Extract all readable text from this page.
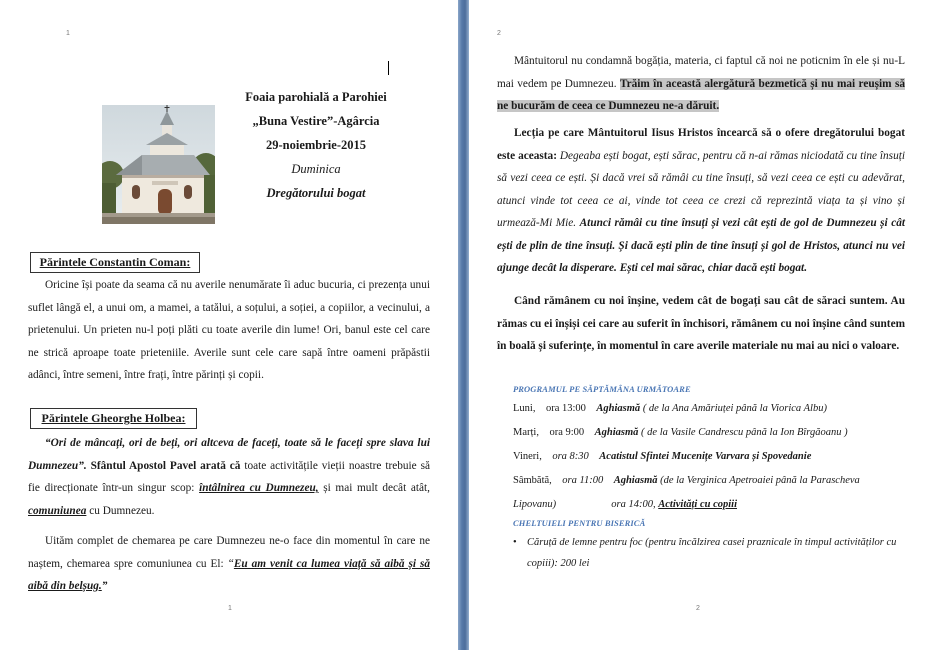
1
Foaia parohială a Parohiei
„Buna Vestire”-Agârcia
29-noiembrie-2015
Duminica
Dregătorului bogat
Părintele Constantin Coman:
Oricine își poate da seama că nu averile nenumărate îi aduc bucuria, ci prezența unui suflet lângă el, a unui om, a mamei, a tatălui, a soțului, a soției, a copiilor, a vecinului, a prietenului. Un prieten nu-l poți plăti cu toate averile din lume! Ori, banul este cel care ne strică aproape toate prieteniile. Averile sunt cele care sapă între oameni prăpăstii adânci, între semeni, între frați, între părinți și copii.
Părintele Gheorghe Holbea:
“Ori de mâncați, ori de beți, ori altceva de faceți, toate să le faceți spre slava lui Dumnezeu”. Sfântul Apostol Pavel arată că toate activitățile vieții noastre trebuie să fie direcționate într-un singur scop: întâlnirea cu Dumnezeu, și mai mult decât atât, comuniunea cu Dumnezeu.
Uităm complet de chemarea pe care Dumnezeu ne-o face din momentul în care ne naștem, chemarea spre comuniunea cu El: “Eu am venit ca lumea viață să aibă și să aibă din belșug.”
1
2
Mântuitorul nu condamnă bogăția, materia, ci faptul că noi ne poticnim în ele și nu-L mai vedem pe Dumnezeu. Trăim în această alergătură bezmetică și nu mai reușim să ne bucurăm de ceea ce Dumnezeu ne-a dăruit.
Lecția pe care Mântuitorul Iisus Hristos încearcă să o ofere dregătorului bogat este aceasta: Degeaba ești bogat, ești sărac, pentru că n-ai rămas niciodată cu tine însuți să vezi ceea ce ești. Și dacă vrei să rămâi cu tine însuți, să vezi ceea ce ești cu adevărat, atunci vinde tot ceea ce ai, vinde tot ceea ce crezi că reprezintă viața ta și vino și urmează-Mi Mie. Atunci rămâi cu tine însuți și vezi cât ești de gol de Dumnezeu și cât ești de plin de tine însuți. Și dacă ești plin de tine însuți și gol de Hristos, atunci nu vei ajunge decât la disperare. Ești cel mai sărac, chiar dacă ești bogat.
Când rămânem cu noi înșine, vedem cât de bogați sau cât de săraci suntem. Au rămas cu ei înșiși cei care au suferit în închisori, rămânem cu noi înșine când suntem în boală și suferințe, în momentul în care averile materiale nu mai au nici o valoare.
PROGRAMUL PE SĂPTĂMÂNA URMĂTOARE
Luni, ora 13:00 Aghiasmă ( de la Ana Amăriuței până la Viorica Albu)
Marți, ora 9:00 Aghiasmă ( de la Vasile Candrescu până la Ion Bîrgăoanu )
Vineri, ora 8:30 Acatistul Sfintei Mucenițe Varvara și Spovedanie
Sâmbătă, ora 11:00 Aghiasmă (de la Verginica Apetroaiei până la Parascheva
Lipovanu)	ora 14:00, Activități cu copiii
CHELTUIELI PENTRU BISERICĂ
• Căruță de lemne pentru foc (pentru încălzirea casei praznicale în timpul activităților cu copiii): 200 lei
2
